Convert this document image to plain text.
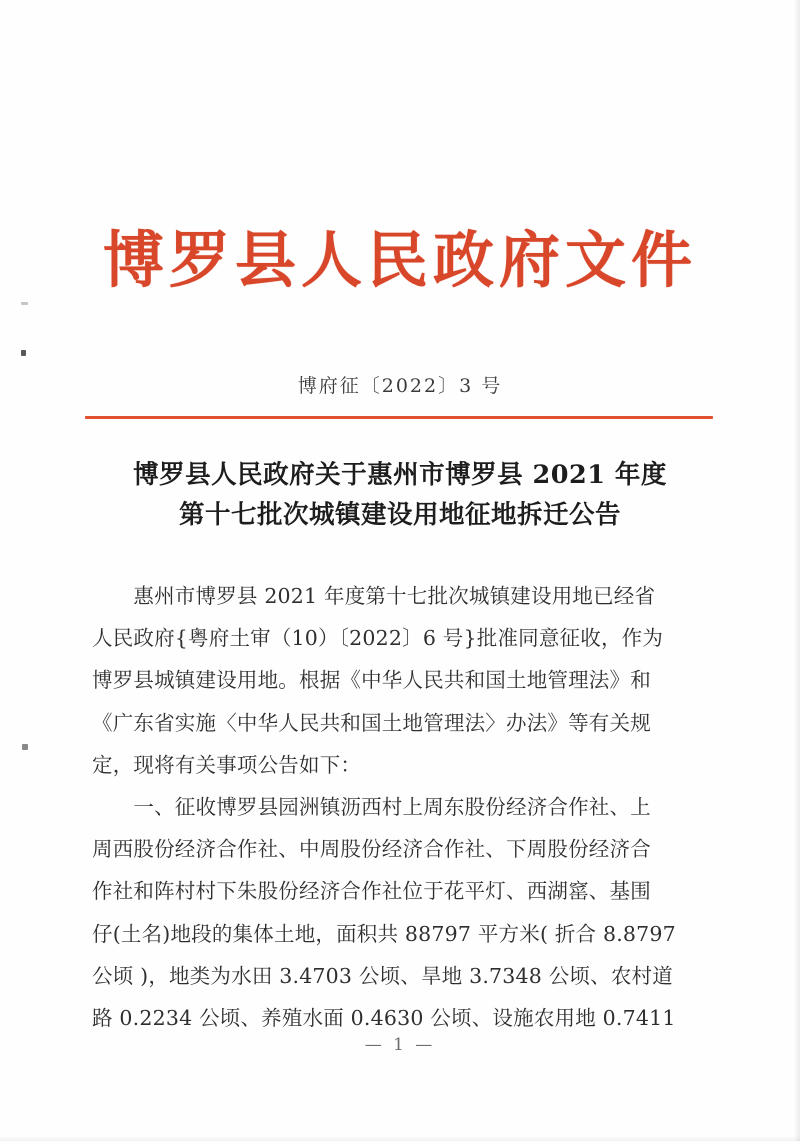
博罗县人民政府文件
博府征〔2022〕3 号
博罗县人民政府关于惠州市博罗县 2021 年度
第十七批次城镇建设用地征地拆迁公告

　　惠州市博罗县 2021 年度第十七批次城镇建设用地已经省
人民政府{粤府土审（10）〔2022〕6 号}批准同意征收，作为
博罗县城镇建设用地。根据《中华人民共和国土地管理法》和
《广东省实施〈中华人民共和国土地管理法〉办法》等有关规
定，现将有关事项公告如下：

　　一、征收博罗县园洲镇沥西村上周东股份经济合作社、上
周西股份经济合作社、中周股份经济合作社、下周股份经济合
作社和阵村村下朱股份经济合作社位于花平灯、西湖窰、基围
仔(土名)地段的集体土地，面积共 88797 平方米( 折合 8.8797
公顷 )，地类为水田 3.4703 公顷、旱地 3.7348 公顷、农村道
路 0.2234 公顷、养殖水面 0.4630 公顷、设施农用地 0.7411

— 1 —
